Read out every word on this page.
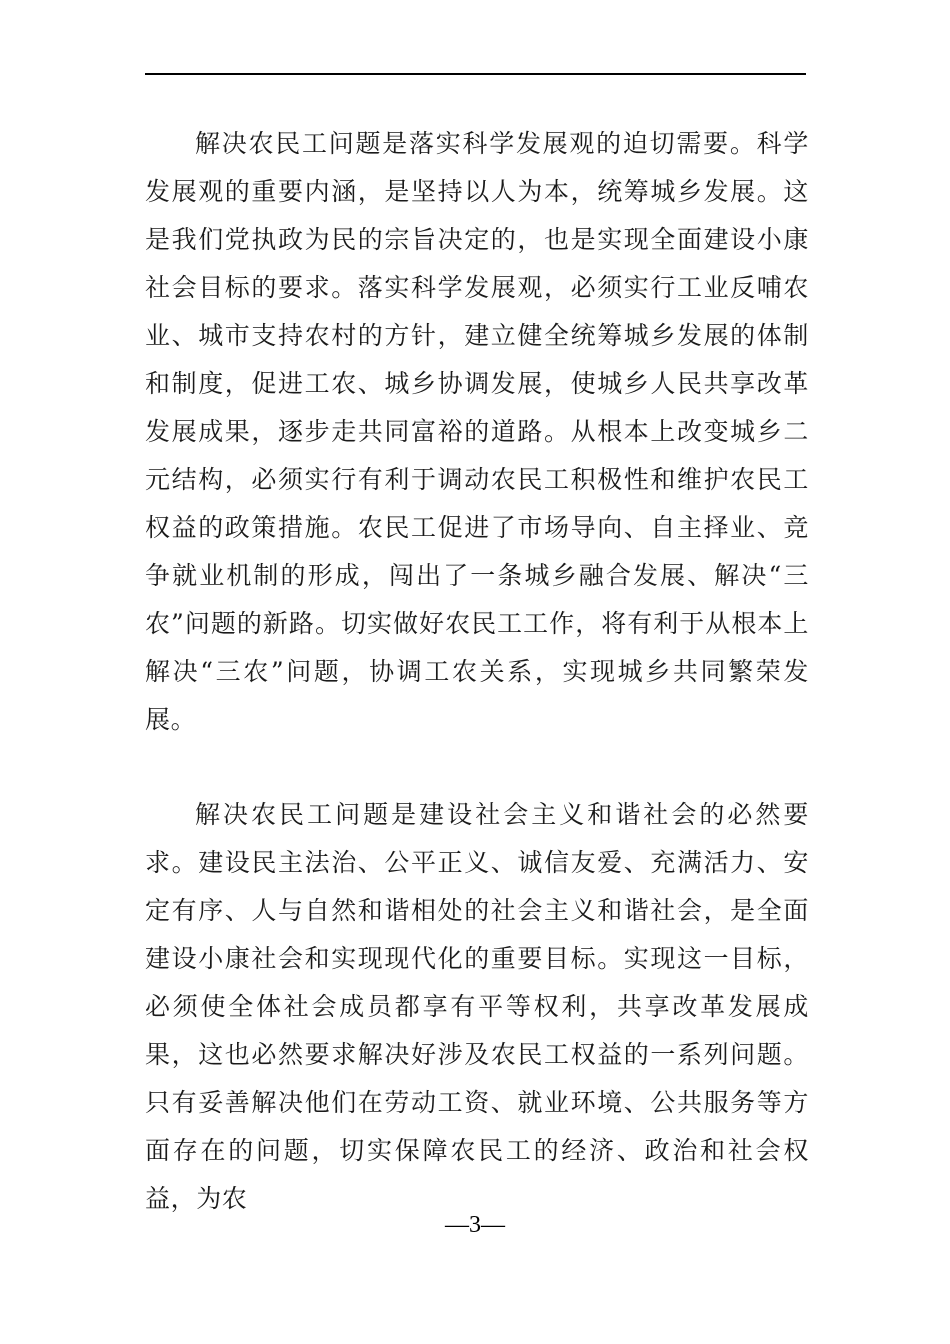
解决农民工问题是落实科学发展观的迫切需要。科学发展观的重要内涵，是坚持以人为本，统筹城乡发展。这是我们党执政为民的宗旨决定的，也是实现全面建设小康社会目标的要求。落实科学发展观，必须实行工业反哺农业、城市支持农村的方针，建立健全统筹城乡发展的体制和制度，促进工农、城乡协调发展，使城乡人民共享改革发展成果，逐步走共同富裕的道路。从根本上改变城乡二元结构，必须实行有利于调动农民工积极性和维护农民工权益的政策措施。农民工促进了市场导向、自主择业、竞争就业机制的形成，闯出了一条城乡融合发展、解决“三农”问题的新路。切实做好农民工工作，将有利于从根本上解决“三农”问题，协调工农关系，实现城乡共同繁荣发展。

解决农民工问题是建设社会主义和谐社会的必然要求。建设民主法治、公平正义、诚信友爱、充满活力、安定有序、人与自然和谐相处的社会主义和谐社会，是全面建设小康社会和实现现代化的重要目标。实现这一目标，必须使全体社会成员都享有平等权利，共享改革发展成果，这也必然要求解决好涉及农民工权益的一系列问题。只有妥善解决他们在劳动工资、就业环境、公共服务等方面存在的问题，切实保障农民工的经济、政治和社会权益，为农

—3—
